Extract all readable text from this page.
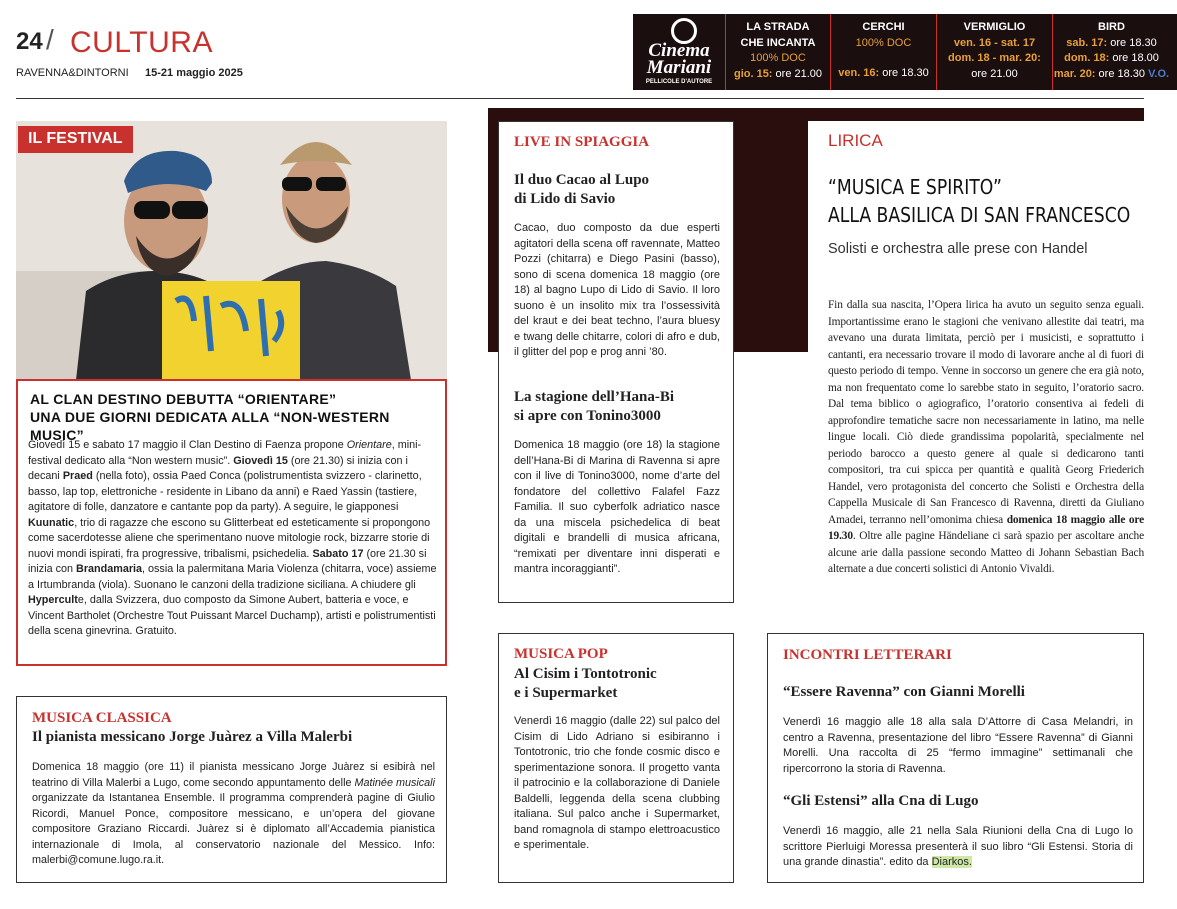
24 / CULTURA
RAVENNA&DINTORNI 15-21 maggio 2025
Cinema
Mariani
PELLICOLE D'AUTORE
LA STRADA
CHE INCANTA
100% DOC
gio. 15: ore 21.00
CERCHI
100% DOC
ven. 16: ore 18.30
VERMIGLIO
ven. 16 - sat. 17
dom. 18 - mar. 20:
ore 21.00
BIRD
sab. 17: ore 18.30
dom. 18: ore 18.00
mar. 20: ore 18.30 V.O.
IL FESTIVAL
AL CLAN DESTINO DEBUTTA “ORIENTARE”
UNA DUE GIORNI DEDICATA ALLA “NON-WESTERN MUSIC”
Giovedì 15 e sabato 17 maggio il Clan Destino di Faenza propone Orientare, mini-festival dedicato alla “Non western music”. Giovedì 15 (ore 21.30) si inizia con i decani Praed (nella foto), ossia Paed Conca (polistrumentista svizzero - clarinetto, basso, lap top, elettroniche - residente in Libano da anni) e Raed Yassin (tastiere, agitatore di folle, danzatore e cantante pop da party). A seguire, le giapponesi Kuunatic, trio di ragazze che escono su Glitterbeat ed esteticamente si propongono come sacerdotesse aliene che sperimentano nuove mitologie rock, bizzarre storie di nuovi mondi ispirati, fra progressive, tribalismi, psichedelia. Sabato 17 (ore 21.30 si inizia con Brandamaria, ossia la palermitana Maria Violenza (chitarra, voce) assieme a Irtumbranda (viola). Suonano le canzoni della tradizione siciliana. A chiudere gli Hyperculte, dalla Svizzera, duo composto da Simone Aubert, batteria e voce, e Vincent Bartholet (Orchestre Tout Puissant Marcel Duchamp), artisti e polistrumentisti della scena ginevrina. Gratuito.
LIVE IN SPIAGGIA
Il duo Cacao al Lupo
di Lido di Savio
Cacao, duo composto da due esperti agitatori della scena off ravennate, Matteo Pozzi (chitarra) e Diego Pasini (basso), sono di scena domenica 18 maggio (ore 18) al bagno Lupo di Lido di Savio. Il loro suono è un insolito mix tra l’ossessività del kraut e dei beat techno, l’aura bluesy e twang delle chitarre, colori di afro e dub, il glitter del pop e prog anni ’80.
La stagione dell’Hana-Bi
si apre con Tonino3000
Domenica 18 maggio (ore 18) la stagione dell’Hana-Bi di Marina di Ravenna si apre con il live di Tonino3000, nome d’arte del fondatore del collettivo Falafel Fazz Familia. Il suo cyberfolk adriatico nasce da una miscela psichedelica di beat digitali e brandelli di musica africana, “remixati per diventare inni disperati e mantra incoraggianti”.
LIRICA
“MUSICA E SPIRITO”
ALLA BASILICA DI SAN FRANCESCO
Solisti e orchestra alle prese con Handel
Fin dalla sua nascita, l’Opera lirica ha avuto un seguito senza eguali. Importantissime erano le stagioni che venivano allestite dai teatri, ma avevano una durata limitata, perciò per i musicisti, e soprattutto i cantanti, era necessario trovare il modo di lavorare anche al di fuori di questo periodo di tempo. Venne in soccorso un genere che era già noto, ma non frequentato come lo sarebbe stato in seguito, l’oratorio sacro. Dal tema biblico o agiografico, l’oratorio consentiva ai fedeli di approfondire tematiche sacre non necessariamente in latino, ma nelle lingue locali. Ciò diede grandissima popolarità, specialmente nel periodo barocco a questo genere al quale si dedicarono tanti compositori, tra cui spicca per quantità e qualità Georg Friederich Handel, vero protagonista del concerto che Solisti e Orchestra della Cappella Musicale di San Francesco di Ravenna, diretti da Giuliano Amadei, terranno nell’omonima chiesa domenica 18 maggio alle ore 19.30. Oltre alle pagine Händeliane ci sarà spazio per ascoltare anche alcune arie dalla passione secondo Matteo di Johann Sebastian Bach alternate a due concerti solistici di Antonio Vivaldi.
MUSICA CLASSICA
Il pianista messicano Jorge Juàrez a Villa Malerbi
Domenica 18 maggio (ore 11) il pianista messicano Jorge Juàrez si esibirà nel teatrino di Villa Malerbi a Lugo, come secondo appuntamento delle Matinée musicali organizzate da Istantanea Ensemble. Il programma comprenderà pagine di Giulio Ricordi, Manuel Ponce, compositore messicano, e un’opera del giovane compositore Graziano Riccardi. Juàrez si è diplomato all’Accademia pianistica internazionale di Imola, al conservatorio nazionale del Messico. Info: malerbi@comune.lugo.ra.it.
MUSICA POP
Al Cisim i Tontotronic
e i Supermarket
Venerdì 16 maggio (dalle 22) sul palco del Cisim di Lido Adriano si esibiranno i Tontotronic, trio che fonde cosmic disco e sperimentazione sonora. Il progetto vanta il patrocinio e la collaborazione di Daniele Baldelli, leggenda della scena clubbing italiana. Sul palco anche i Supermarket, band romagnola di stampo elettroacustico e sperimentale.
INCONTRI LETTERARI
“Essere Ravenna” con Gianni Morelli
Venerdì 16 maggio alle 18 alla sala D’Attorre di Casa Melandri, in centro a Ravenna, presentazione del libro “Essere Ravenna” di Gianni Morelli. Una raccolta di 25 “fermo immagine” settimanali che ripercorrono la storia di Ravenna.
“Gli Estensi” alla Cna di Lugo
Venerdì 16 maggio, alle 21 nella Sala Riunioni della Cna di Lugo lo scrittore Pierluigi Moressa presenterà il suo libro “Gli Estensi. Storia di una grande dinastia”. edito da Diarkos.
